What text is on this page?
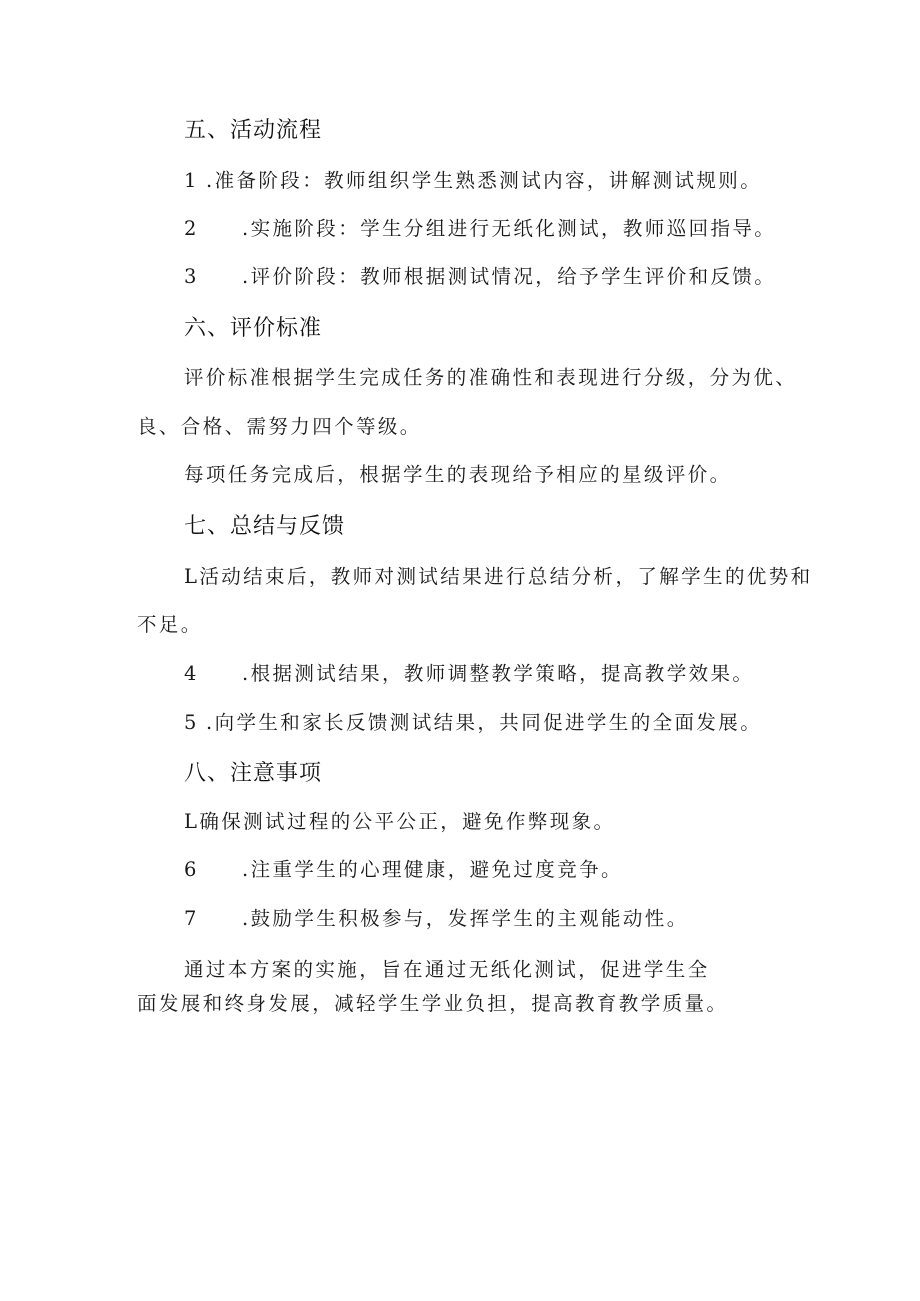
五、活动流程
1 .准备阶段：教师组织学生熟悉测试内容，讲解测试规则。
2 .实施阶段：学生分组进行无纸化测试，教师巡回指导。
3 .评价阶段：教师根据测试情况，给予学生评价和反馈。
六、评价标准
评价标准根据学生完成任务的准确性和表现进行分级，分为优、
良、合格、需努力四个等级。
每项任务完成后，根据学生的表现给予相应的星级评价。
七、总结与反馈
L活动结束后，教师对测试结果进行总结分析，了解学生的优势和
不足。
4 .根据测试结果，教师调整教学策略，提高教学效果。
5 .向学生和家长反馈测试结果，共同促进学生的全面发展。
八、注意事项
L确保测试过程的公平公正，避免作弊现象。
6 .注重学生的心理健康，避免过度竞争。
7 .鼓励学生积极参与，发挥学生的主观能动性。
通过本方案的实施，旨在通过无纸化测试，促进学生全
面发展和终身发展，减轻学生学业负担，提高教育教学质量。
